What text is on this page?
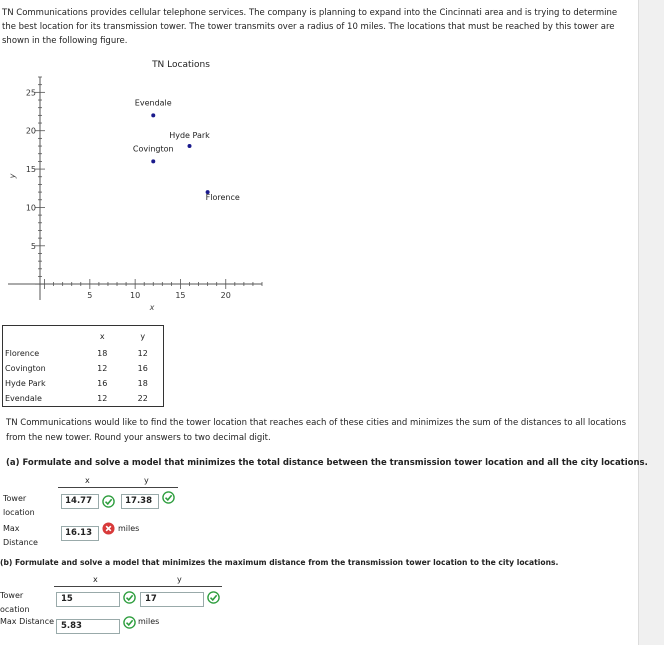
TN Communications provides cellular telephone services. The company is planning to expand into the Cincinnati area and is trying to determine the best location for its transmission tower. The tower transmits over a radius of 10 miles. The locations that must be reached by this tower are shown in the following figure.
TN Locations
x
y
5	10	15	20
5
10
15
20
25
Evendale
Hyde Park
Covington
Florence
	x	y
Florence	18	12
Covington	12	16
Hyde Park	16	18
Evendale	12	22
TN Communications would like to find the tower location that reaches each of these cities and minimizes the sum of the distances to all locations from the new tower. Round your answers to two decimal digit.
(a) Formulate and solve a model that minimizes the total distance between the transmission tower location and all the city locations.
x	y
Tower
location
14.77	17.38
Max
Distance
16.13	miles
(b) Formulate and solve a model that minimizes the maximum distance from the transmission tower location to the city locations.
x	y
Tower
ocation
15	17
Max Distance 5.83	miles
